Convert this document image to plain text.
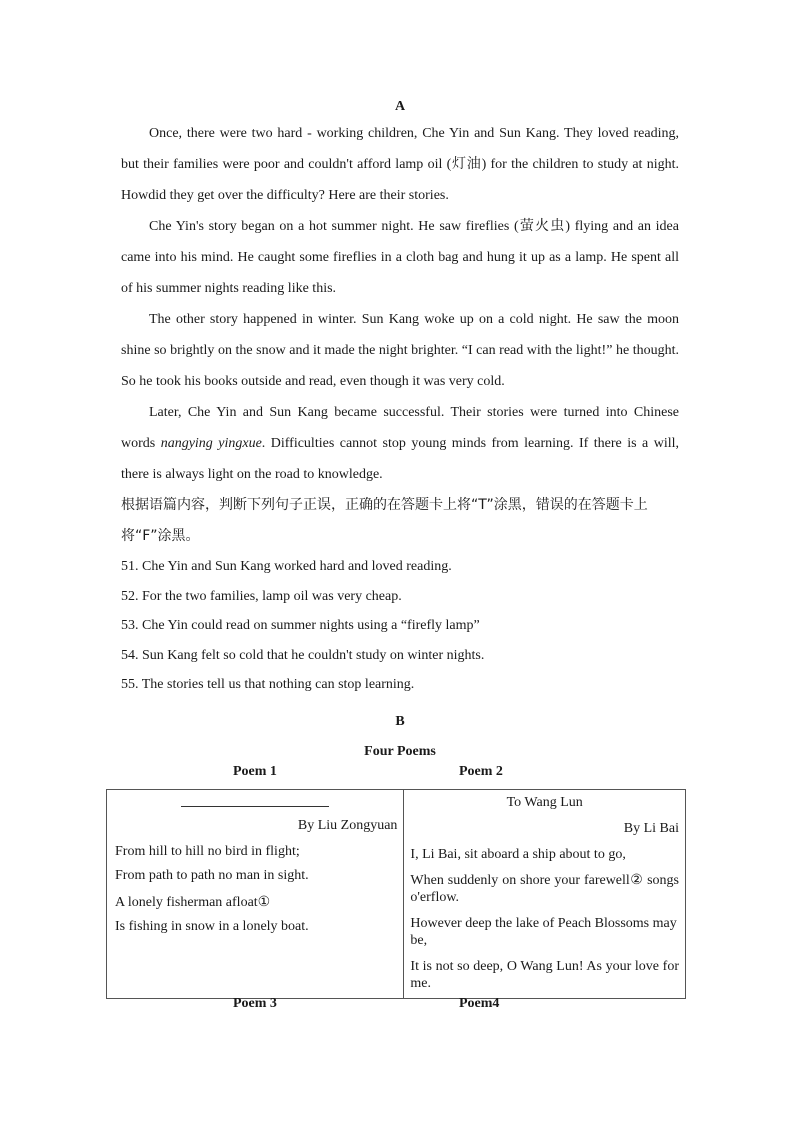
A

Once, there were two hard - working children, Che Yin and Sun Kang. They loved reading, but their families were poor and couldn't afford lamp oil (灯油) for the children to study at night. Howdid they get over the difficulty? Here are their stories.

Che Yin's story began on a hot summer night. He saw fireflies (萤火虫) flying and an idea came into his mind. He caught some fireflies in a cloth bag and hung it up as a lamp. He spent all of his summer nights reading like this.

The other story happened in winter. Sun Kang woke up on a cold night. He saw the moon shine so brightly on the snow and it made the night brighter. “I can read with the light!” he thought. So he took his books outside and read, even though it was very cold.

Later, Che Yin and Sun Kang became successful. Their stories were turned into Chinese words nangying yingxue. Difficulties cannot stop young minds from learning. If there is a will, there is always light on the road to knowledge.

根据语篇内容，判断下列句子正误，正确的在答题卡上将“T”涂黑，错误的在答题卡上将“F”涂黑。

51. Che Yin and Sun Kang worked hard and loved reading.

52. For the two families, lamp oil was very cheap.

53. Che Yin could read on summer nights using a “firefly lamp”

54. Sun Kang felt so cold that he couldn't study on winter nights.

55. The stories tell us that nothing can stop learning.

B
Four Poems
Poem 1	Poem 2
By Liu Zongyuan
From hill to hill no bird in flight;
From path to path no man in sight.
A lonely fisherman afloat①
Is fishing in snow in a lonely boat.

To Wang Lun
By Li Bai

I, Li Bai, sit aboard a ship about to go,

When suddenly on shore your farewell② songs o'erflow.

However deep the lake of Peach Blossoms may be,

It is not so deep, O Wang Lun! As your love for me.

Poem 3	Poem4
